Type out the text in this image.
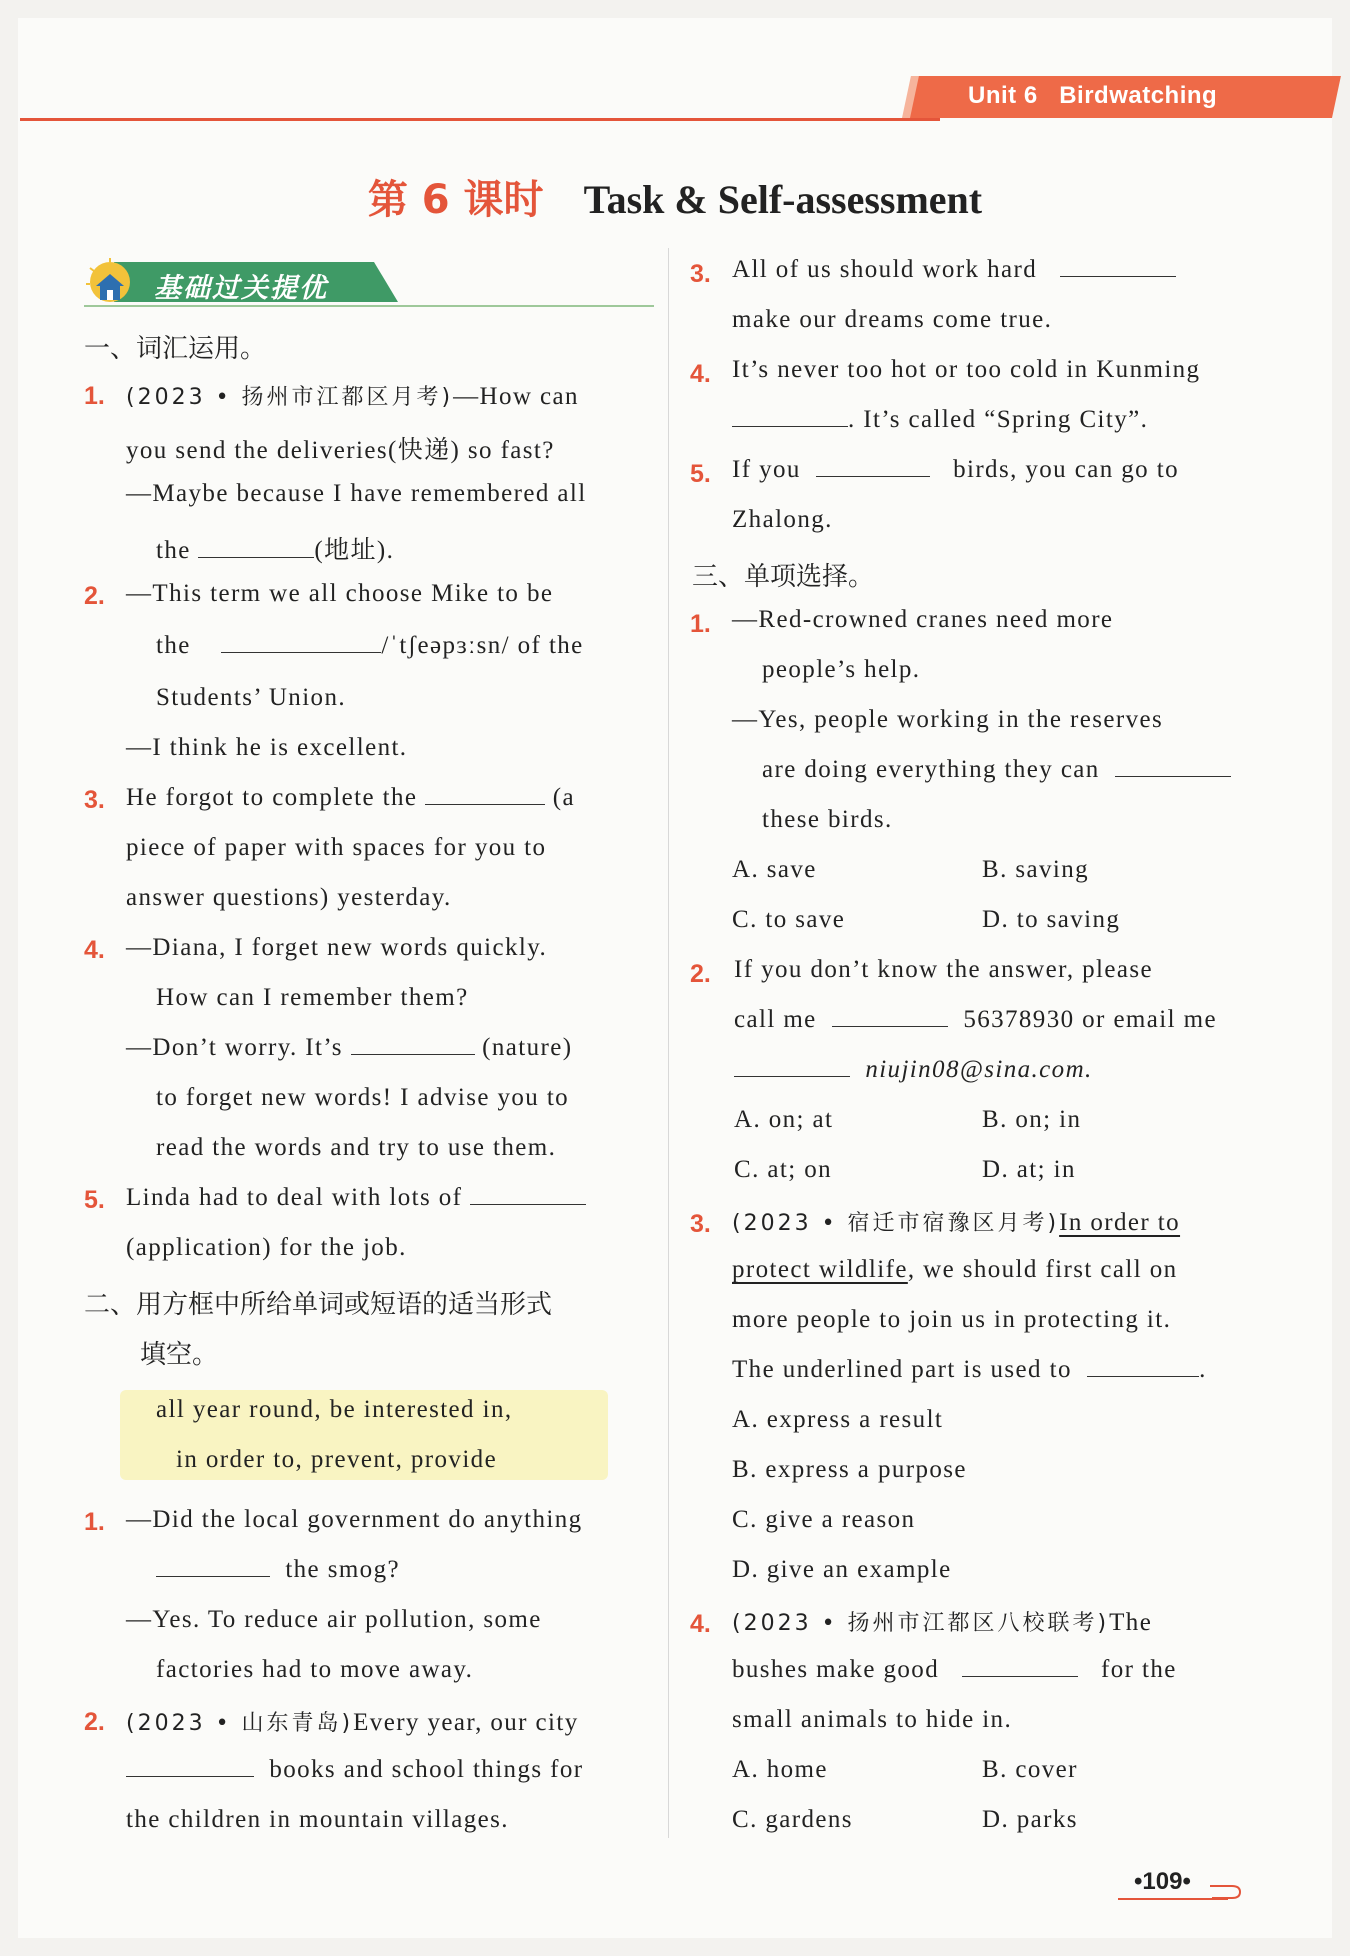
Unit 6 Birdwatching
第 6 课时 Task & Self-assessment
基础过关提优
一、词汇运用。
1. (2023 • 扬州市江都区月考)—How can
you send the deliveries(快递) so fast?
—Maybe because I have remembered all
the	(地址).
2. —This term we all choose Mike to be
the	/ˈtʃeəpɜːsn/ of the
Students’ Union.
—I think he is excellent.
3. He forgot to complete the	(a
piece of paper with spaces for you to
answer questions) yesterday.
4. —Diana, I forget new words quickly.
How can I remember them?
—Don’t worry. It’s	(nature)
to forget new words! I advise you to
read the words and try to use them.
5. Linda had to deal with lots of
(application) for the job.
二、用方框中所给单词或短语的适当形式
填空。
all year round, be interested in,
in order to, prevent, provide
1. —Did the local government do anything
the smog?
—Yes. To reduce air pollution, some
factories had to move away.
2. (2023 • 山东青岛)Every year, our city
books and school things for
the children in mountain villages.
3. All of us should work hard
make our dreams come true.
4. It’s never too hot or too cold in Kunming
. It’s called “Spring City”.
5. If you	birds, you can go to
Zhalong.
三、单项选择。
1. —Red-crowned cranes need more
people’s help.
—Yes, people working in the reserves
are doing everything they can
these birds.
A. save	B. saving
C. to save	D. to saving
2. If you don’t know the answer, please
call me	56378930 or email me
niujin08@sina.com.
A. on; at	B. on; in
C. at; on	D. at; in
3. (2023 • 宿迁市宿豫区月考)In order to
protect wildlife, we should first call on
more people to join us in protecting it.
The underlined part is used to	.
A. express a result
B. express a purpose
C. give a reason
D. give an example
4. (2023 • 扬州市江都区八校联考)The
bushes make good	for the
small animals to hide in.
A. home	B. cover
C. gardens	D. parks
•109•
